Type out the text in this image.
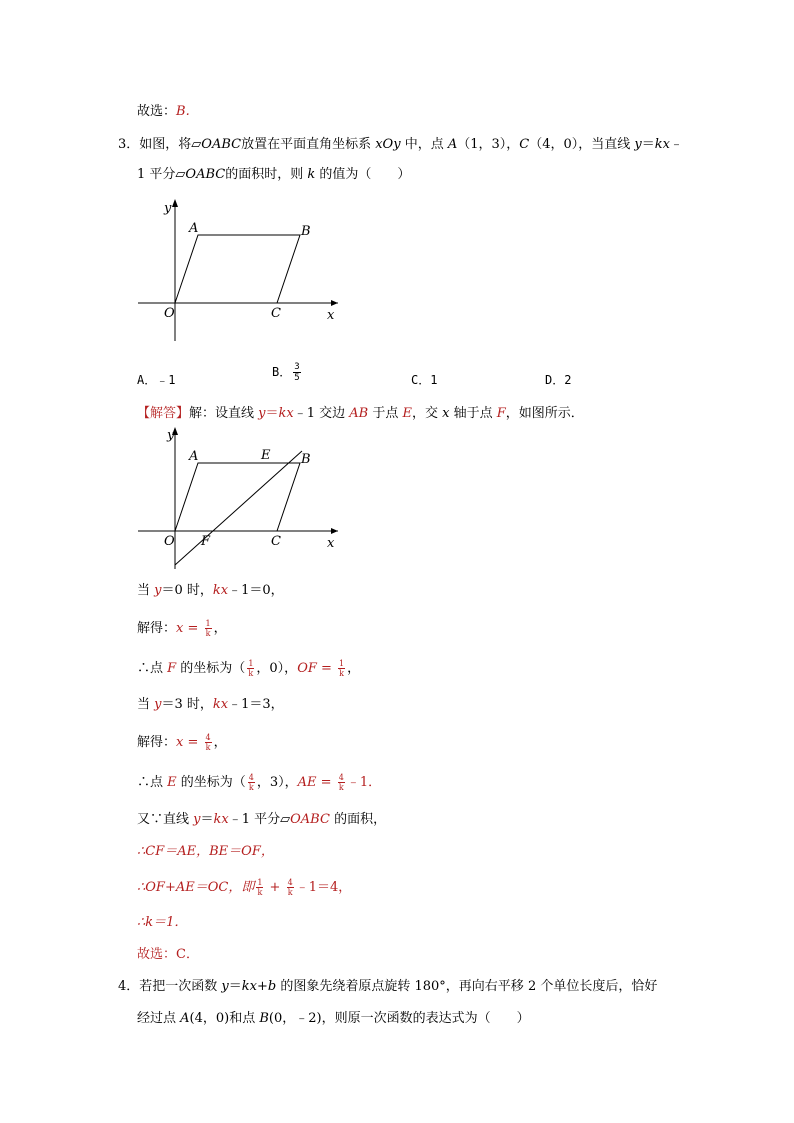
故选：B.
3．如图，将▱OABC放置在平面直角坐标系 xOy 中，点 A（1，3），C（4，0），当直线 y＝kx﹣
1 平分▱OABC的面积时，则 k 的值为（　　）
y
x
A	B
O	C
A．﹣1
B． $\frac{3}{5}$	C．1	D．2
【解答】解：设直线 y＝kx﹣1 交边 AB 于点 E，交 x 轴于点 F，如图所示．
y
x
A	E B
O F	C
当 y＝0 时，kx﹣1＝0，
解得：$x = \frac{1}{k}$ ，
∴点 F 的坐标为（ $\frac{1}{k}$ ，0），OF = $\frac{1}{k}$ ，
当 y＝3 时，kx﹣1＝3，
解得：$x = \frac{4}{k}$ ，
∴点 E 的坐标为（ $\frac{4}{k}$ ，3），AE = $\frac{4}{k}$ ﹣1．
又∵直线 y＝kx﹣1 平分▱OABC 的面积，
∴CF＝AE，BE＝OF，
∴OF+AE＝OC，即 $\frac{1}{k} + \frac{4}{k}$ ﹣1＝4，
∴k＝1．
故选：C．
4．若把一次函数 y＝kx+b 的图象先绕着原点旋转 180°，再向右平移 2 个单位长度后，恰好
经过点 A(4，0)和点 B(0，﹣2)，则原一次函数的表达式为（　　）
